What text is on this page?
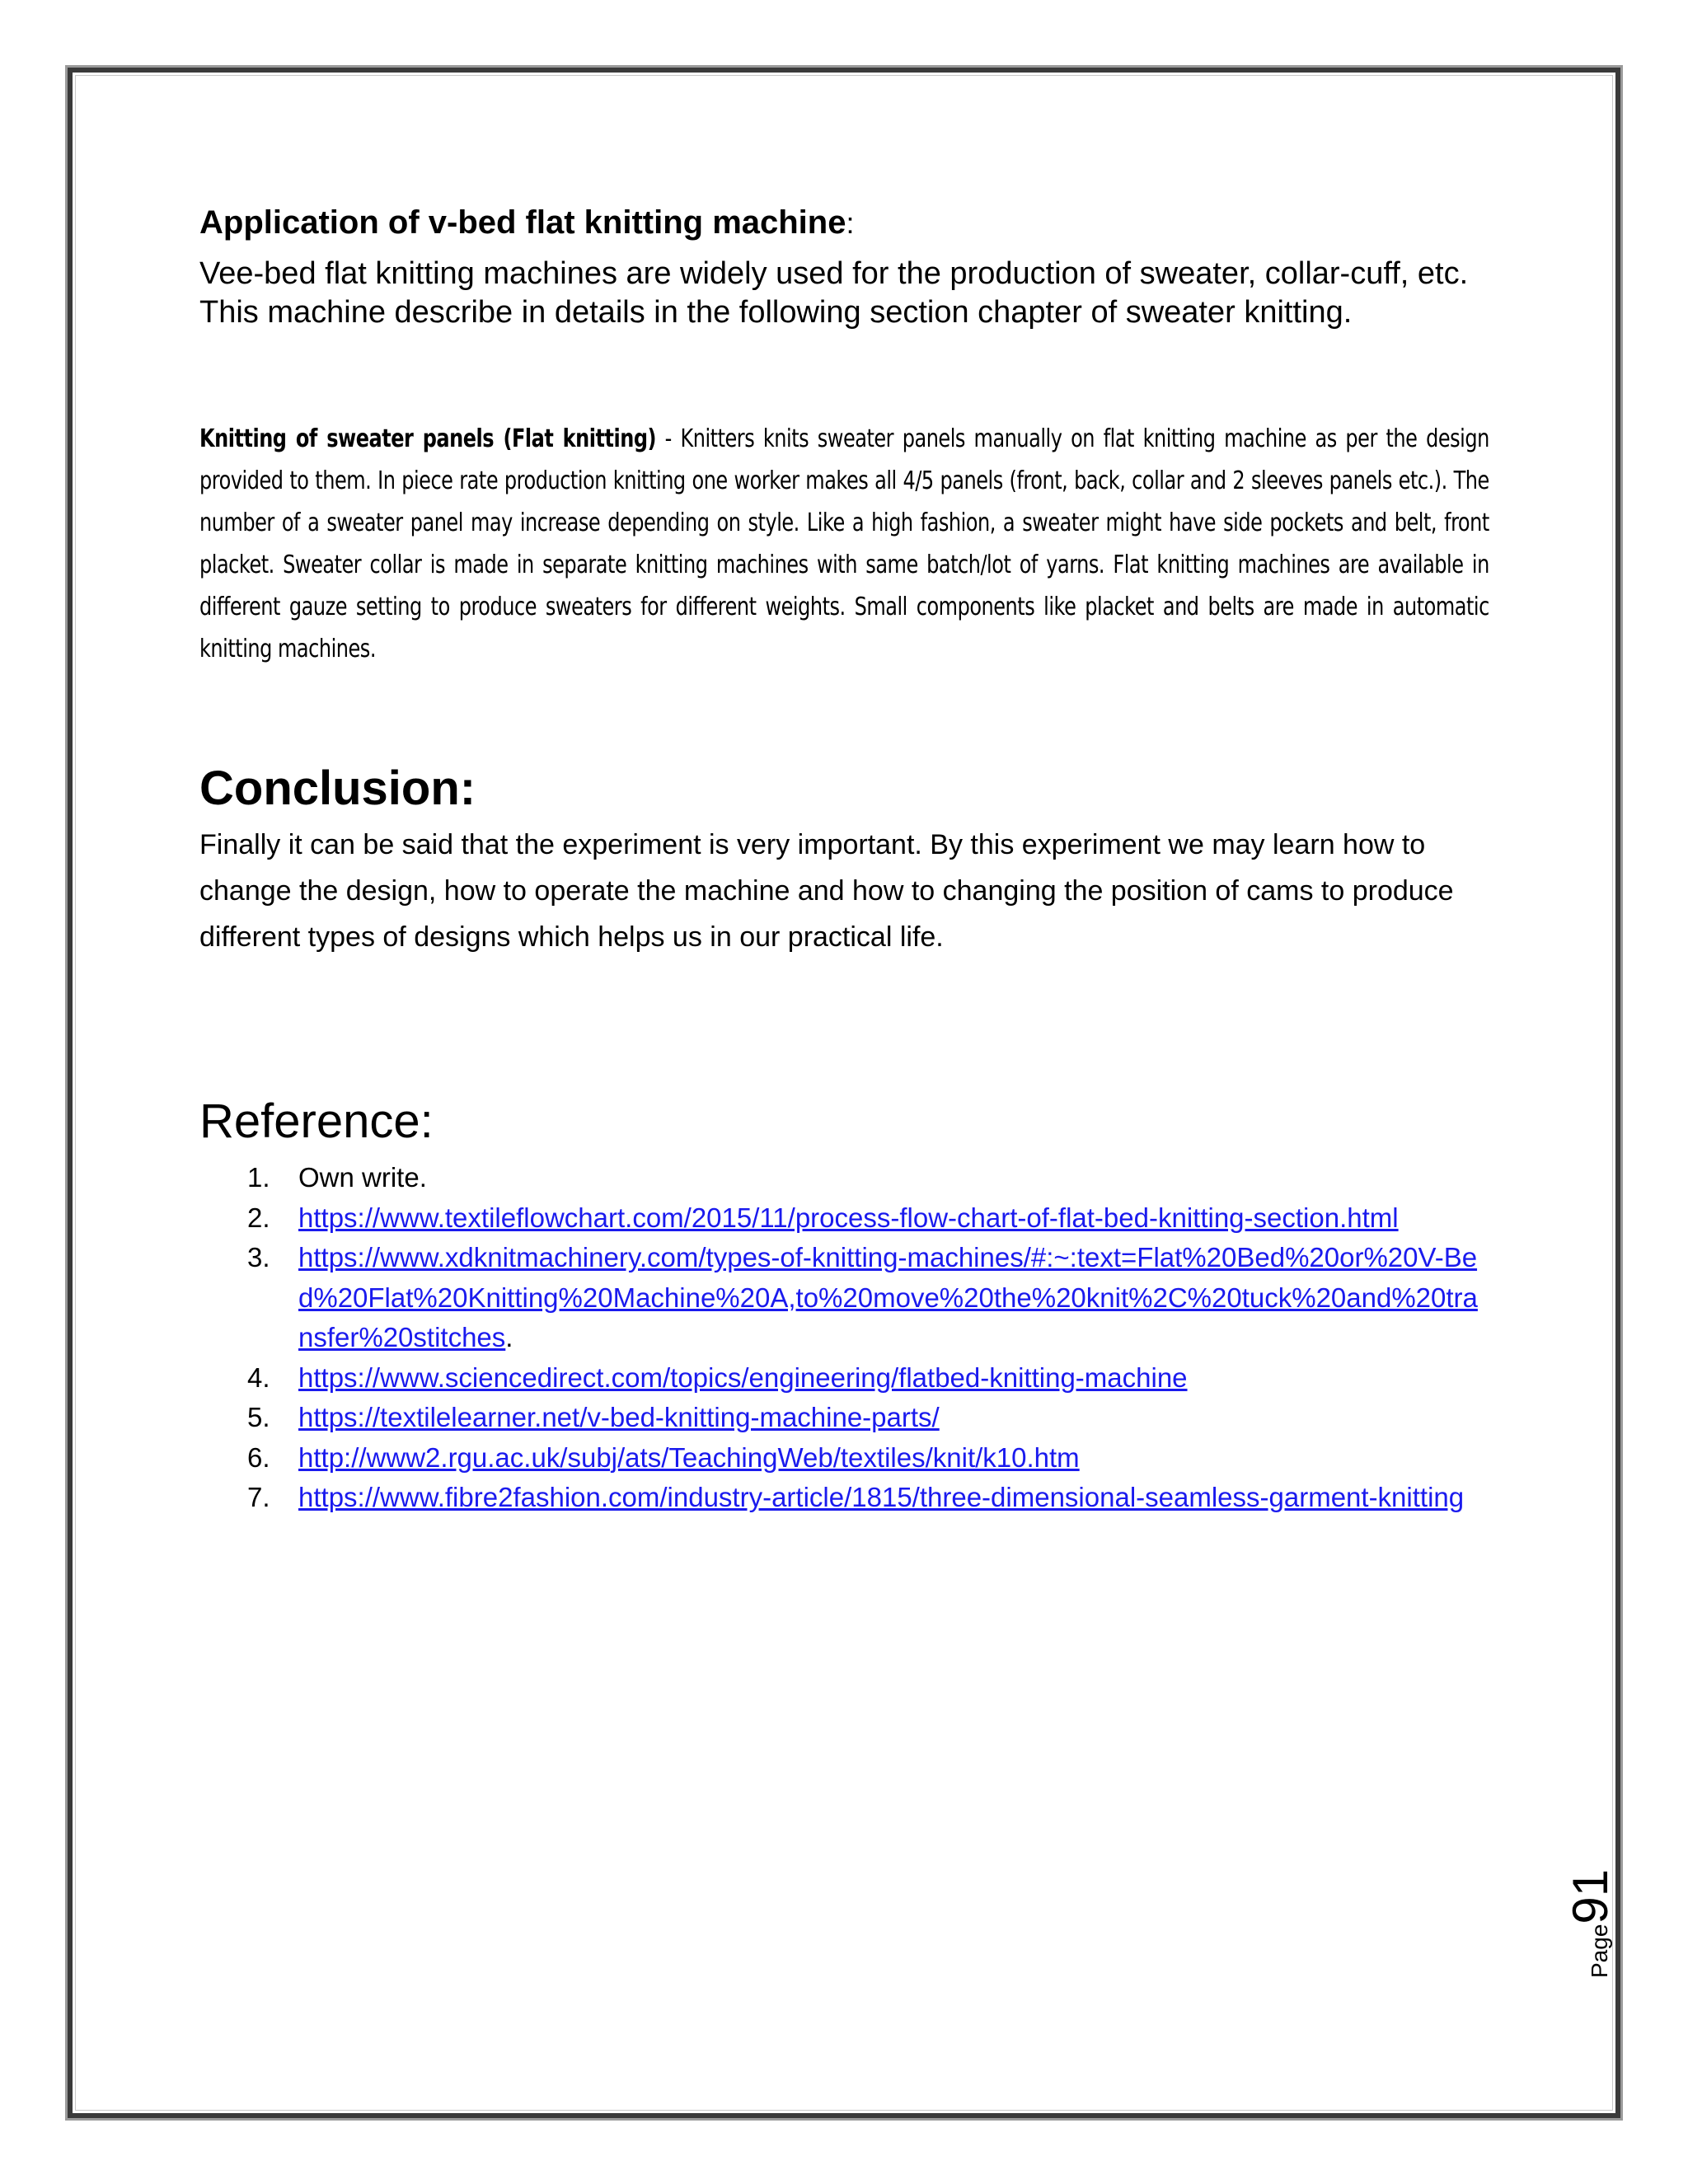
Application of v-bed flat knitting machine:

Vee-bed flat knitting machines are widely used for the production of sweater, collar-cuff, etc. This machine describe in details in the following section chapter of sweater knitting.

Knitting of sweater panels (Flat knitting) - Knitters knits sweater panels manually on flat knitting machine as per the design provided to them. In piece rate production knitting one worker makes all 4/5 panels (front, back, collar and 2 sleeves panels etc.). The number of a sweater panel may increase depending on style. Like a high fashion, a sweater might have side pockets and belt, front placket. Sweater collar is made in separate knitting machines with same batch/lot of yarns. Flat knitting machines are available in different gauze setting to produce sweaters for different weights. Small components like placket and belts are made in automatic knitting machines.

Conclusion:

Finally it can be said that the experiment is very important. By this experiment we may learn how to change the design, how to operate the machine and how to changing the position of cams to produce different types of designs which helps us in our practical life.

Reference:
1.	Own write.
2.	https://www.textileflowchart.com/2015/11/process-flow-chart-of-flat-bed-knitting-section.html
3.	https://www.xdknitmachinery.com/types-of-knitting-machines/#:~:text=Flat%20Bed%20or%20V-Bed%20Flat%20Knitting%20Machine%20A,to%20move%20the%20knit%2C%20tuck%20and%20transfer%20stitches.
4.	https://www.sciencedirect.com/topics/engineering/flatbed-knitting-machine
5.	https://textilelearner.net/v-bed-knitting-machine-parts/
6.	http://www2.rgu.ac.uk/subj/ats/TeachingWeb/textiles/knit/k10.htm
7.	https://www.fibre2fashion.com/industry-article/1815/three-dimensional-seamless-garment-knitting
Page91
